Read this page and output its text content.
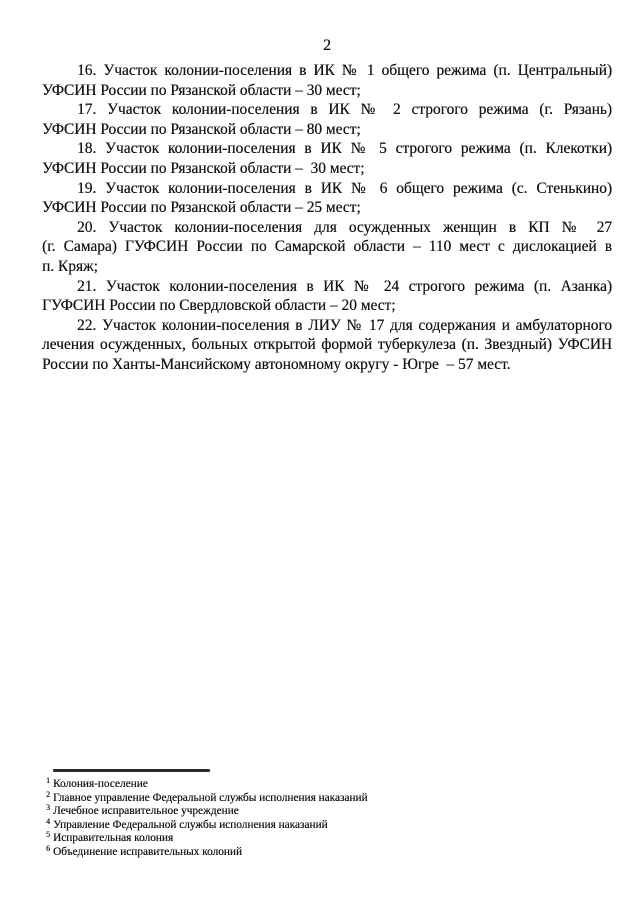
2
16. Участок колонии-поселения в ИК № 1 общего режима (п. Центральный)
УФСИН России по Рязанской области – 30 мест;
17. Участок колонии-поселения в ИК № 2 строгого режима (г. Рязань)
УФСИН России по Рязанской области – 80 мест;
18. Участок колонии-поселения в ИК № 5 строгого режима (п. Клекотки)
УФСИН России по Рязанской области –  30 мест;
19. Участок колонии-поселения в ИК № 6 общего режима (с. Стенькино)
УФСИН России по Рязанской области – 25 мест;
20. Участок колонии-поселения для осужденных женщин в КП № 27
(г. Самара) ГУФСИН России по Самарской области – 110 мест с дислокацией в
п. Кряж;
21. Участок колонии-поселения в ИК № 24 строгого режима (п. Азанка)
ГУФСИН России по Свердловской области – 20 мест;
22. Участок колонии-поселения в ЛИУ № 17 для содержания и амбулаторного
лечения осужденных, больных открытой формой туберкулеза (п. Звездный) УФСИН
России по Ханты-Мансийскому автономному округу - Югре  – 57 мест.
$^1$ Колония-поселение
$^2$ Главное управление Федеральной службы исполнения наказаний
$^3$ Лечебное исправительное учреждение
$^4$ Управление Федеральной службы исполнения наказаний
$^5$ Исправительная колония
$^6$ Объединение исправительных колоний
